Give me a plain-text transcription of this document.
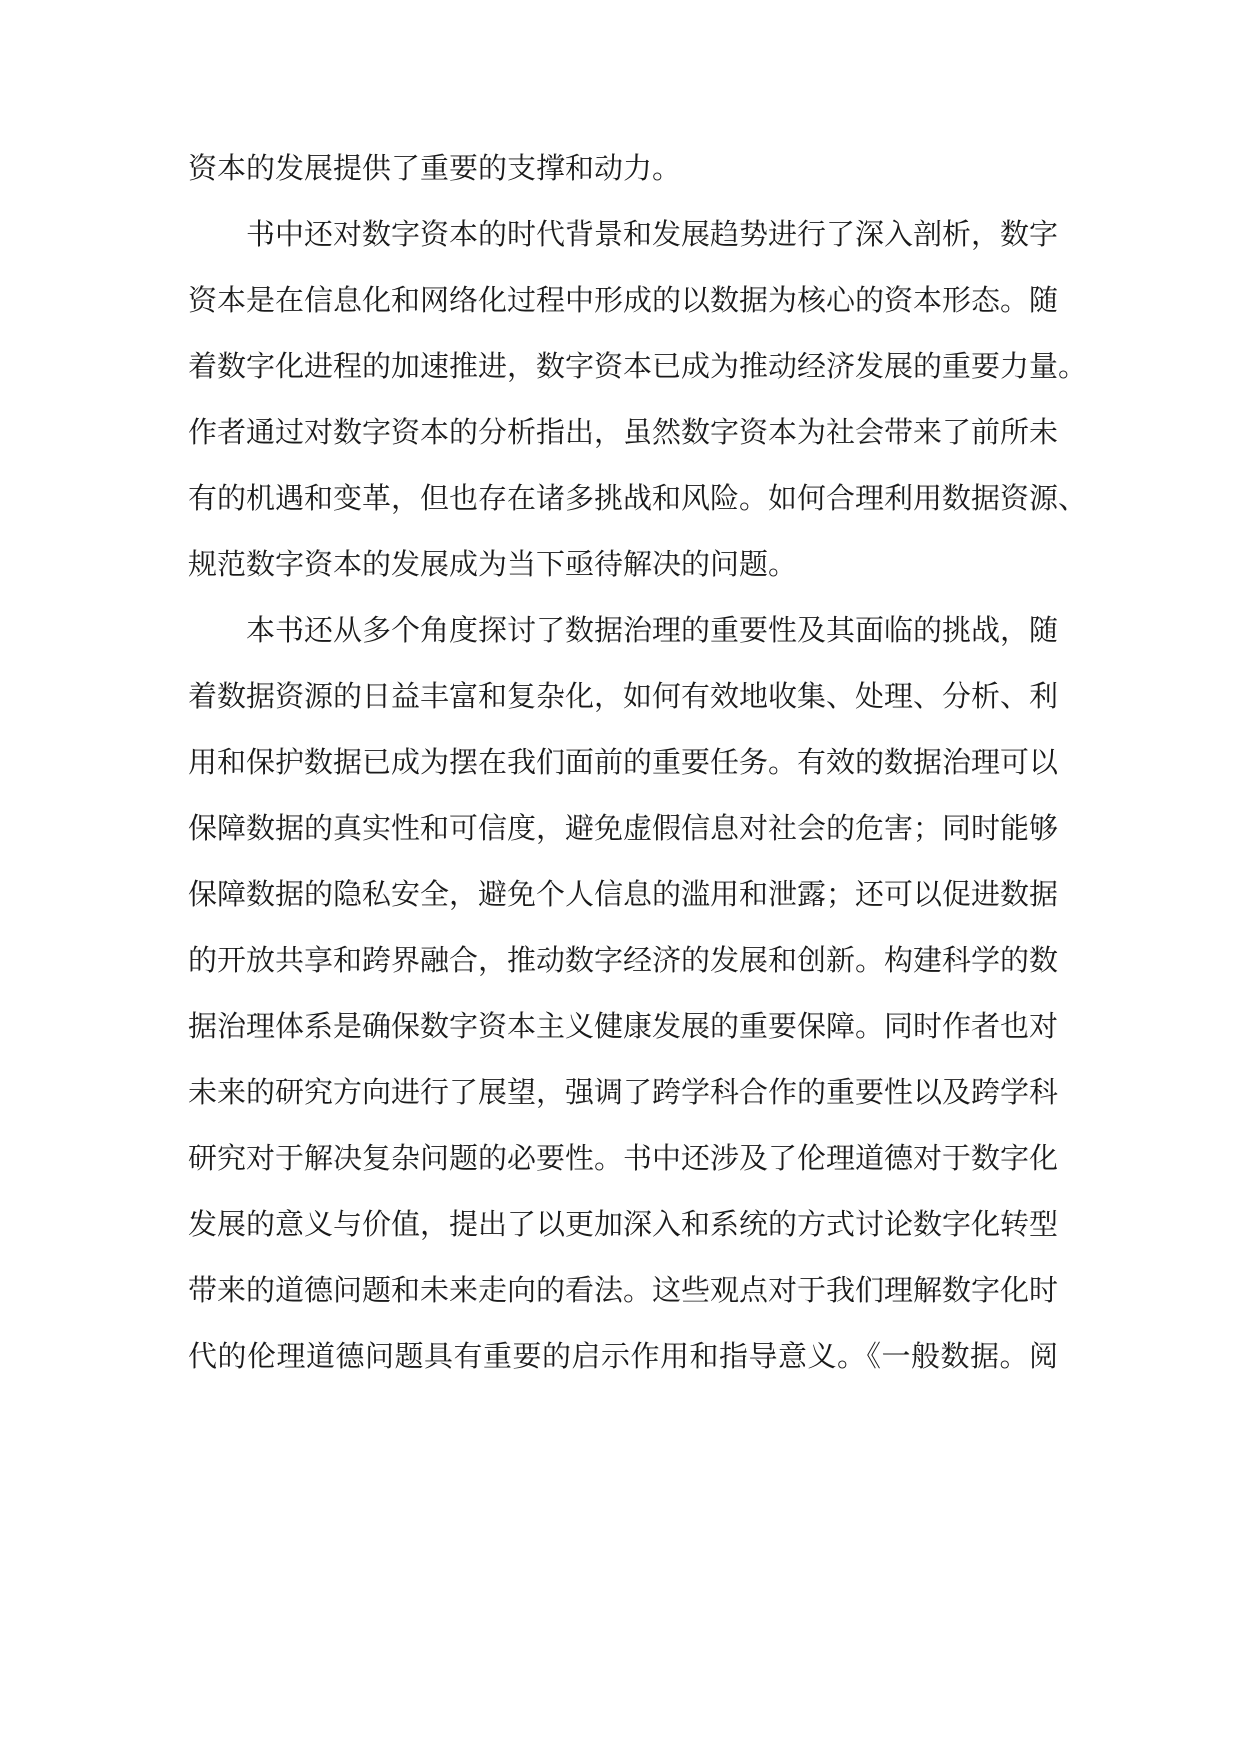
资本的发展提供了重要的支撑和动力。
书中还对数字资本的时代背景和发展趋势进行了深入剖析，数字
资本是在信息化和网络化过程中形成的以数据为核心的资本形态。随
着数字化进程的加速推进，数字资本已成为推动经济发展的重要力量。
作者通过对数字资本的分析指出，虽然数字资本为社会带来了前所未
有的机遇和变革，但也存在诸多挑战和风险。如何合理利用数据资源、
规范数字资本的发展成为当下亟待解决的问题。
本书还从多个角度探讨了数据治理的重要性及其面临的挑战，随
着数据资源的日益丰富和复杂化，如何有效地收集、处理、分析、利
用和保护数据已成为摆在我们面前的重要任务。有效的数据治理可以
保障数据的真实性和可信度，避免虚假信息对社会的危害；同时能够
保障数据的隐私安全，避免个人信息的滥用和泄露；还可以促进数据
的开放共享和跨界融合，推动数字经济的发展和创新。构建科学的数
据治理体系是确保数字资本主义健康发展的重要保障。同时作者也对
未来的研究方向进行了展望，强调了跨学科合作的重要性以及跨学科
研究对于解决复杂问题的必要性。书中还涉及了伦理道德对于数字化
发展的意义与价值，提出了以更加深入和系统的方式讨论数字化转型
带来的道德问题和未来走向的看法。这些观点对于我们理解数字化时
代的伦理道德问题具有重要的启示作用和指导意义。《一般数据。阅
